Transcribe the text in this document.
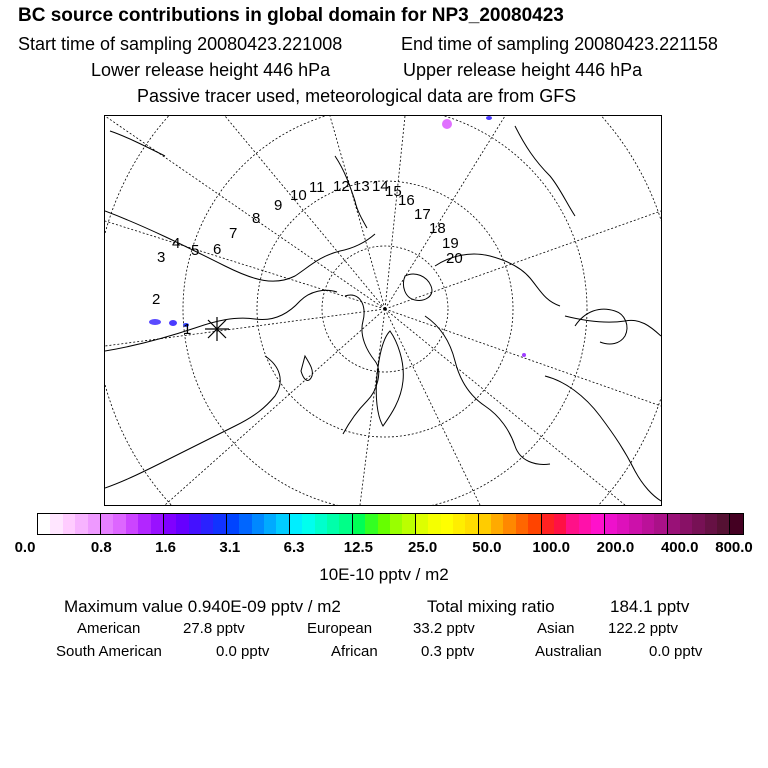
BC source contributions in global domain for NP3_20080423
Start time of sampling 20080423.221008	End time of sampling 20080423.221158
Lower release height 446 hPa	Upper release height 446 hPa
Passive tracer used, meteorological data are from GFS
1
2
3
4 5 6
7
8
9
10 11 12 13 14
15
16
17
18
19
20
0.0	0.8	1.6	3.1	6.3	12.5 25.0 50.0 100.0 200.0 400.0 800.0
10E-10 pptv / m2
Maximum value 0.940E-09 pptv / m2	Total mixing ratio	184.1 pptv
American	27.8 pptv	European	33.2 pptv	Asian 122.2 pptv
South American	0.0 pptv	African	0.3 pptv	Australian	0.0 pptv
